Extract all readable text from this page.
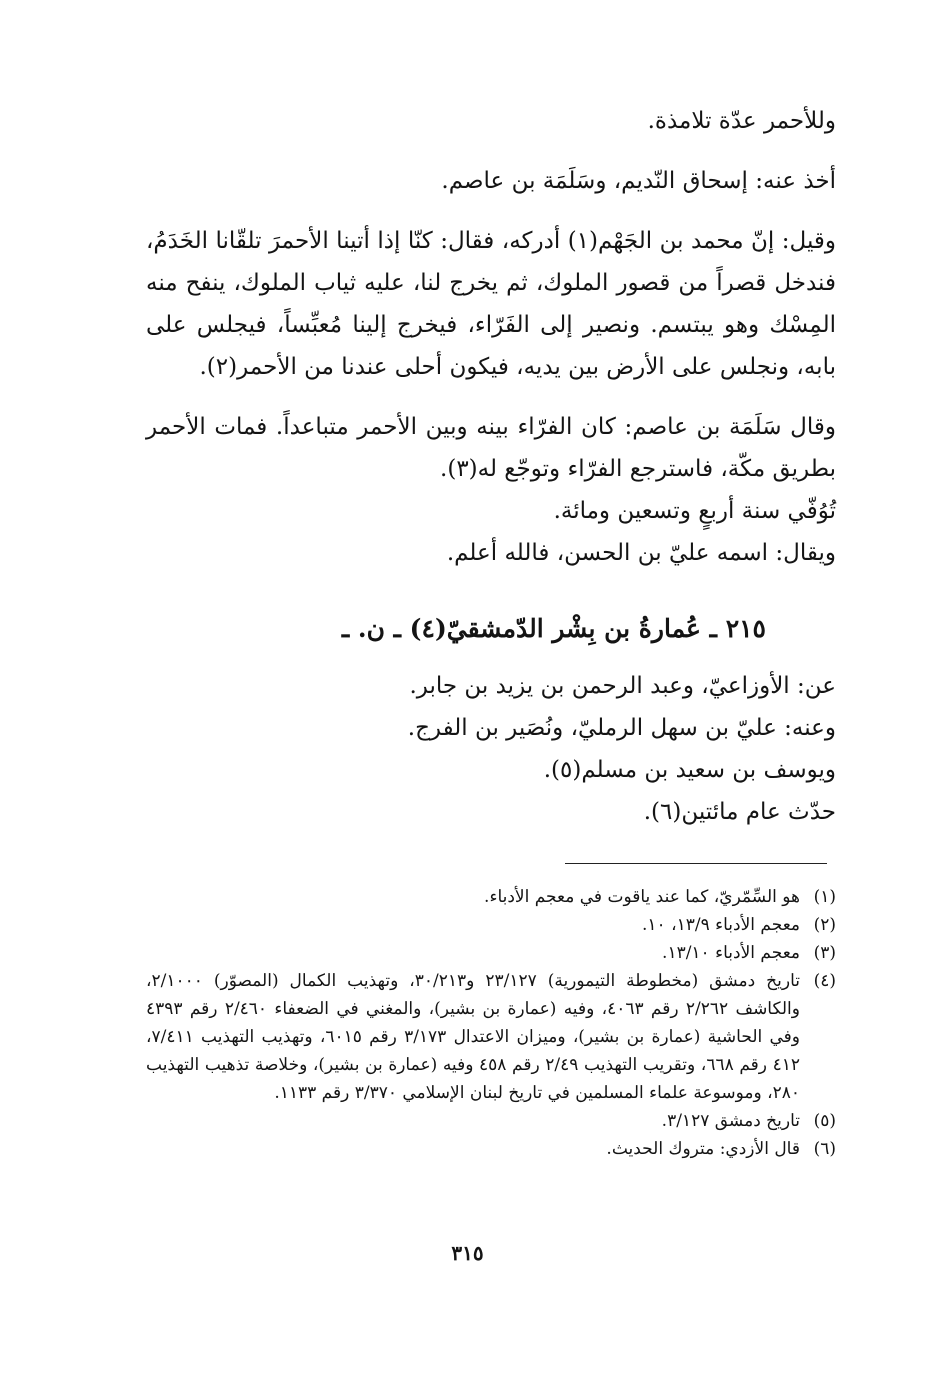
وللأحمر عدّة تلامذة.

أخذ عنه: إسحاق النّديم، وسَلَمَة بن عاصم.

وقيل: إنّ محمد بن الجَهْم(١) أدركه، فقال: كنّا إذا أتينا الأحمرَ تلقّانا الخَدَمُ، فندخل قصراً من قصور الملوك، ثم يخرج لنا، عليه ثياب الملوك، ينفح منه المِسْك وهو يبتسم. ونصير إلى الفَرّاء، فيخرج إلينا مُعبِّساً، فيجلس على بابه، ونجلس على الأرض بين يديه، فيكون أحلى عندنا من الأحمر(٢).

وقال سَلَمَة بن عاصم: كان الفرّاء بينه وبين الأحمر متباعداً. فمات الأحمر بطريق مكّة، فاسترجع الفرّاء وتوجّع له(٣).

تُوُفّي سنة أربعٍ وتسعين ومائة.

ويقال: اسمه عليّ بن الحسن، فالله أعلم.

٢١٥ ـ عُمارةُ بن بِشْر الدّمشقيّ(٤) ـ ن. ـ

عن: الأوزاعيّ، وعبد الرحمن بن يزيد بن جابر.

وعنه: عليّ بن سهل الرمليّ، ونُصَير بن الفرج.

ويوسف بن سعيد بن مسلم(٥).

حدّث عام مائتين(٦).

(١)
هو السِّمّريّ، كما عند ياقوت في معجم الأدباء.
(٢)
معجم الأدباء ١٣/٩، ١٠.
(٣)
معجم الأدباء ١٣/١٠.
(٤)
تاريخ دمشق (مخطوطة التيمورية) ٢٣/١٢٧ و٣٠/٢١٣، وتهذيب الكمال (المصوّر) ٢/١٠٠٠، والكاشف ٢/٢٦٢ رقم ٤٠٦٣، وفيه (عمارة بن بشير)، والمغني في الضعفاء ٢/٤٦٠ رقم ٤٣٩٣ وفي الحاشية (عمارة بن بشير)، وميزان الاعتدال ٣/١٧٣ رقم ٦٠١٥، وتهذيب التهذيب ٧/٤١١، ٤١٢ رقم ٦٦٨، وتقريب التهذيب ٢/٤٩ رقم ٤٥٨ وفيه (عمارة بن بشير)، وخلاصة تذهيب التهذيب ٢٨٠، وموسوعة علماء المسلمين في تاريخ لبنان الإسلامي ٣/٣٧٠ رقم ١١٣٣.
(٥)
تاريخ دمشق ٣/١٢٧.
(٦)
قال الأزدي: متروك الحديث.
٣١٥
